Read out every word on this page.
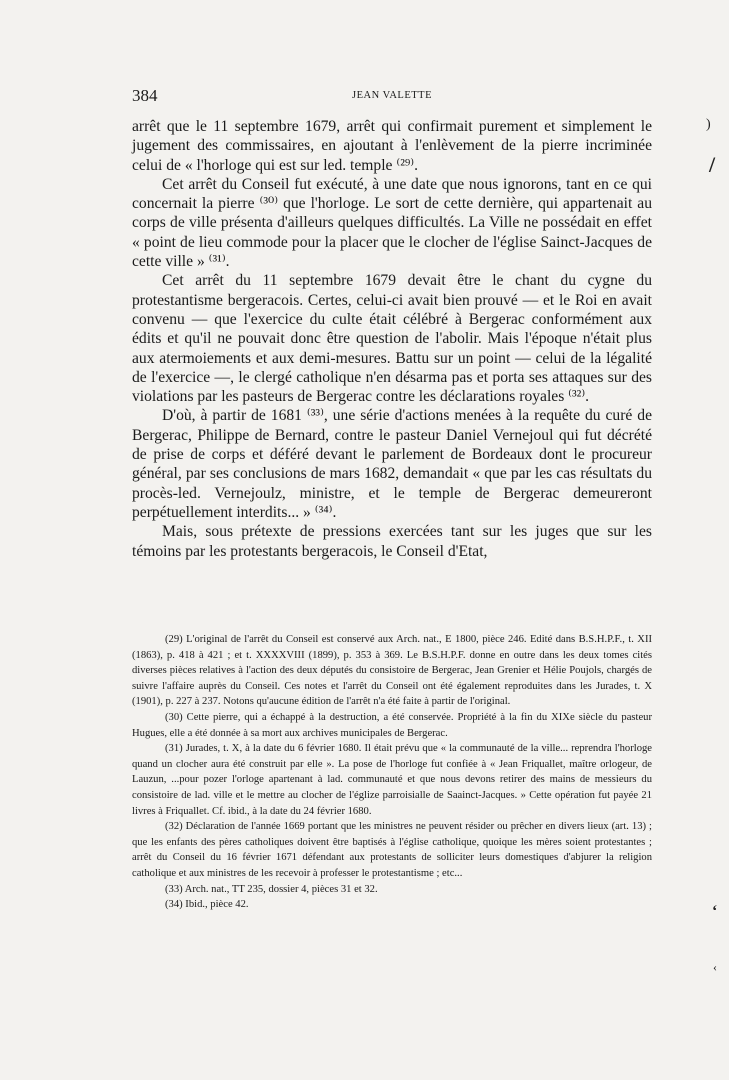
384	JEAN VALETTE

arrêt que le 11 septembre 1679, arrêt qui confirmait purement et simplement le jugement des commissaires, en ajoutant à l'enlèvement de la pierre incriminée celui de « l'horloge qui est sur led. temple ⁽²⁹⁾.

Cet arrêt du Conseil fut exécuté, à une date que nous ignorons, tant en ce qui concernait la pierre ⁽³⁰⁾ que l'horloge. Le sort de cette dernière, qui appartenait au corps de ville présenta d'ailleurs quelques difficultés. La Ville ne possédait en effet « point de lieu commode pour la placer que le clocher de l'église Sainct-Jacques de cette ville » ⁽³¹⁾.

Cet arrêt du 11 septembre 1679 devait être le chant du cygne du protestantisme bergeracois. Certes, celui-ci avait bien prouvé — et le Roi en avait convenu — que l'exercice du culte était célébré à Bergerac conformément aux édits et qu'il ne pouvait donc être question de l'abolir. Mais l'époque n'était plus aux atermoiements et aux demi-mesures. Battu sur un point — celui de la légalité de l'exercice —, le clergé catholique n'en désarma pas et porta ses attaques sur des violations par les pasteurs de Bergerac contre les déclarations royales ⁽³²⁾.

D'où, à partir de 1681 ⁽³³⁾, une série d'actions menées à la requête du curé de Bergerac, Philippe de Bernard, contre le pasteur Daniel Vernejoul qui fut décrété de prise de corps et déféré devant le parlement de Bordeaux dont le procureur général, par ses conclusions de mars 1682, demandait « que par les cas résultats du procès-led. Vernejoulz, ministre, et le temple de Bergerac demeureront perpétuellement interdits... » ⁽³⁴⁾.

Mais, sous prétexte de pressions exercées tant sur les juges que sur les témoins par les protestants bergeracois, le Conseil d'Etat,

(29) L'original de l'arrêt du Conseil est conservé aux Arch. nat., E 1800, pièce 246. Edité dans B.S.H.P.F., t. XII (1863), p. 418 à 421 ; et t. XXXXVIII (1899), p. 353 à 369. Le B.S.H.P.F. donne en outre dans les deux tomes cités diverses pièces relatives à l'action des deux députés du consistoire de Bergerac, Jean Grenier et Hélie Poujols, chargés de suivre l'affaire auprès du Conseil. Ces notes et l'arrêt du Conseil ont été également reproduites dans les Jurades, t. X (1901), p. 227 à 237. Notons qu'aucune édition de l'arrêt n'a été faite à partir de l'original.

(30) Cette pierre, qui a échappé à la destruction, a été conservée. Propriété à la fin du XIXe siècle du pasteur Hugues, elle a été donnée à sa mort aux archives municipales de Bergerac.

(31) Jurades, t. X, à la date du 6 février 1680. Il était prévu que « la communauté de la ville... reprendra l'horloge quand un clocher aura été construit par elle ». La pose de l'horloge fut confiée à « Jean Friquallet, maître orlogeur, de Lauzun, ...pour pozer l'orloge apartenant à lad. communauté et que nous devons retirer des mains de messieurs du consistoire de lad. ville et le mettre au clocher de l'églize parroisialle de Saainct-Jacques. » Cette opération fut payée 21 livres à Friquallet. Cf. ibid., à la date du 24 février 1680.

(32) Déclaration de l'année 1669 portant que les ministres ne peuvent résider ou prêcher en divers lieux (art. 13) ; que les enfants des pères catholiques doivent être baptisés à l'église catholique, quoique les mères soient protestantes ; arrêt du Conseil du 16 février 1671 défendant aux protestants de solliciter leurs domestiques d'abjurer la religion catholique et aux ministres de les recevoir à professer le protestantisme ; etc...

(33) Arch. nat., TT 235, dossier 4, pièces 31 et 32.

(34) Ibid., pièce 42.

)
/
‘
‹
